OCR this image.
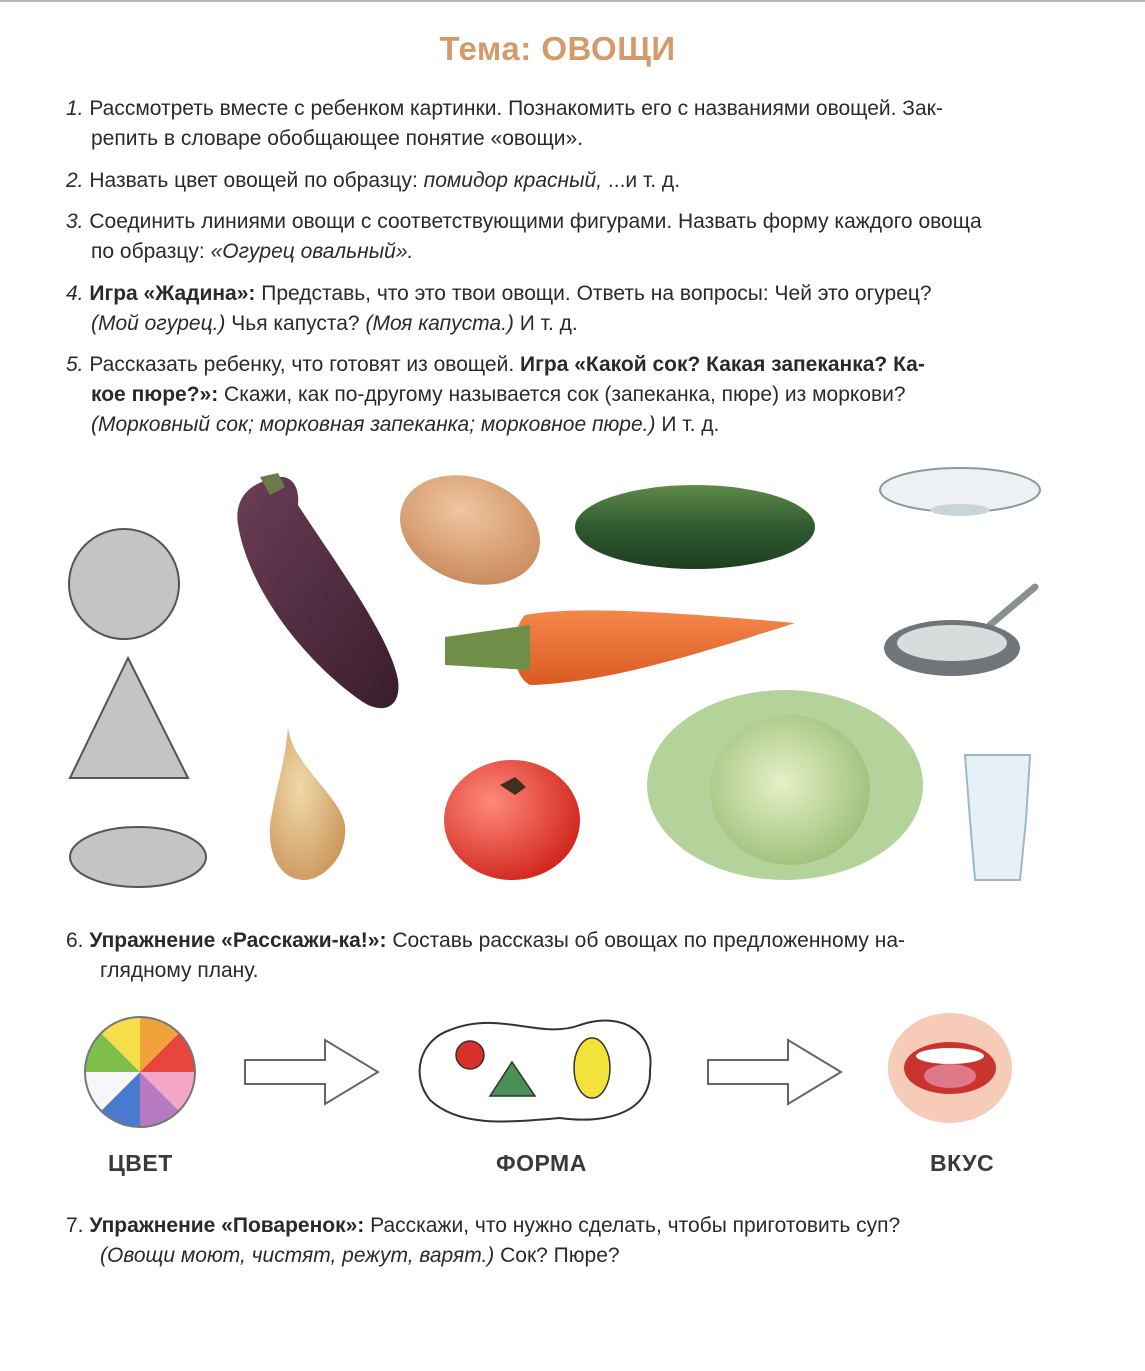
Тема: ОВОЩИ
1. Рассмотреть вместе с ребенком картинки. Познакомить его с названиями овощей. Зак-
репить в словаре обобщающее понятие «овощи».
2. Назвать цвет овощей по образцу: помидор красный, ...и т. д.
3. Соединить линиями овощи с соответствующими фигурами. Назвать форму каждого овоща
по образцу: «Огурец овальный».
4. Игра «Жадина»: Представь, что это твои овощи. Ответь на вопросы: Чей это огурец?
(Мой огурец.) Чья капуста? (Моя капуста.) И т. д.
5. Рассказать ребенку, что готовят из овощей. Игра «Какой сок? Какая запеканка? Ка-
кое пюре?»: Скажи, как по-другому называется сок (запеканка, пюре) из моркови?
(Морковный сок; морковная запеканка; морковное пюре.) И т. д.
6. Упражнение «Расскажи-ка!»: Составь рассказы об овощах по предложенному на-
глядному плану.
ЦВЕТ	ФОРМА	ВКУС
7. Упражнение «Поваренок»: Расскажи, что нужно сделать, чтобы приготовить суп?
(Овощи моют, чистят, режут, варят.) Сок? Пюре?
